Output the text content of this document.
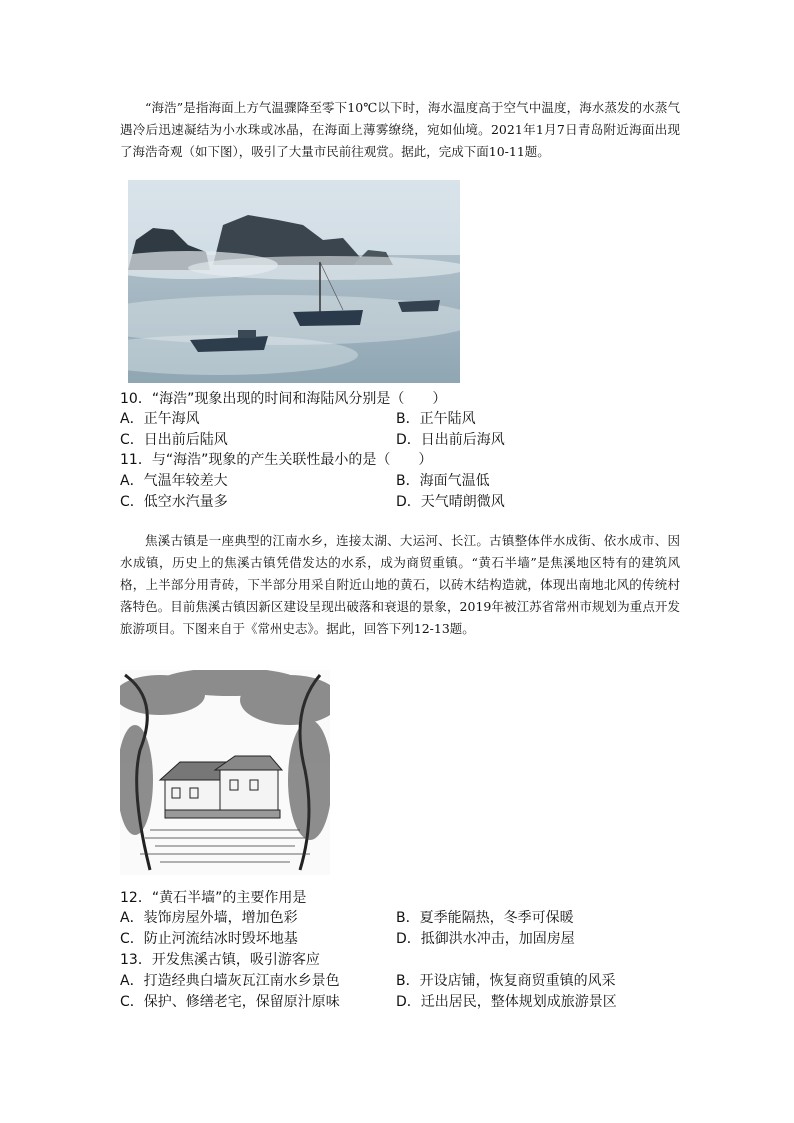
“海浩”是指海面上方气温骤降至零下10℃以下时，海水温度高于空气中温度，海水蒸发的水蒸气遇冷后迅速凝结为小水珠或冰晶，在海面上薄雾缭绕，宛如仙境。2021年1月7日青岛附近海面出现了海浩奇观（如下图），吸引了大量市民前往观赏。据此，完成下面10-11题。

10．“海浩”现象出现的时间和海陆风分别是（　　）

A．正午海风	B．正午陆风
C．日出前后陆风	D．日出前后海风

11．与“海浩”现象的产生关联性最小的是（　　）

A．气温年较差大	B．海面气温低
C．低空水汽量多	D．天气晴朗微风

焦溪古镇是一座典型的江南水乡，连接太湖、大运河、长江。古镇整体伴水成街、依水成市、因水成镇，历史上的焦溪古镇凭借发达的水系，成为商贸重镇。“黄石半墙”是焦溪地区特有的建筑风格，上半部分用青砖，下半部分用采自附近山地的黄石，以砖木结构造就，体现出南地北风的传统村落特色。目前焦溪古镇因新区建设呈现出破落和衰退的景象，2019年被江苏省常州市规划为重点开发旅游项目。下图来自于《常州史志》。据此，回答下列12-13题。

12．“黄石半墙”的主要作用是

A．装饰房屋外墙，增加色彩	B．夏季能隔热，冬季可保暖
C．防止河流结冰时毁坏地基	D．抵御洪水冲击，加固房屋

13．开发焦溪古镇，吸引游客应

A．打造经典白墙灰瓦江南水乡景色	B．开设店铺，恢复商贸重镇的风采
C．保护、修缮老宅，保留原汁原味	D．迁出居民，整体规划成旅游景区
